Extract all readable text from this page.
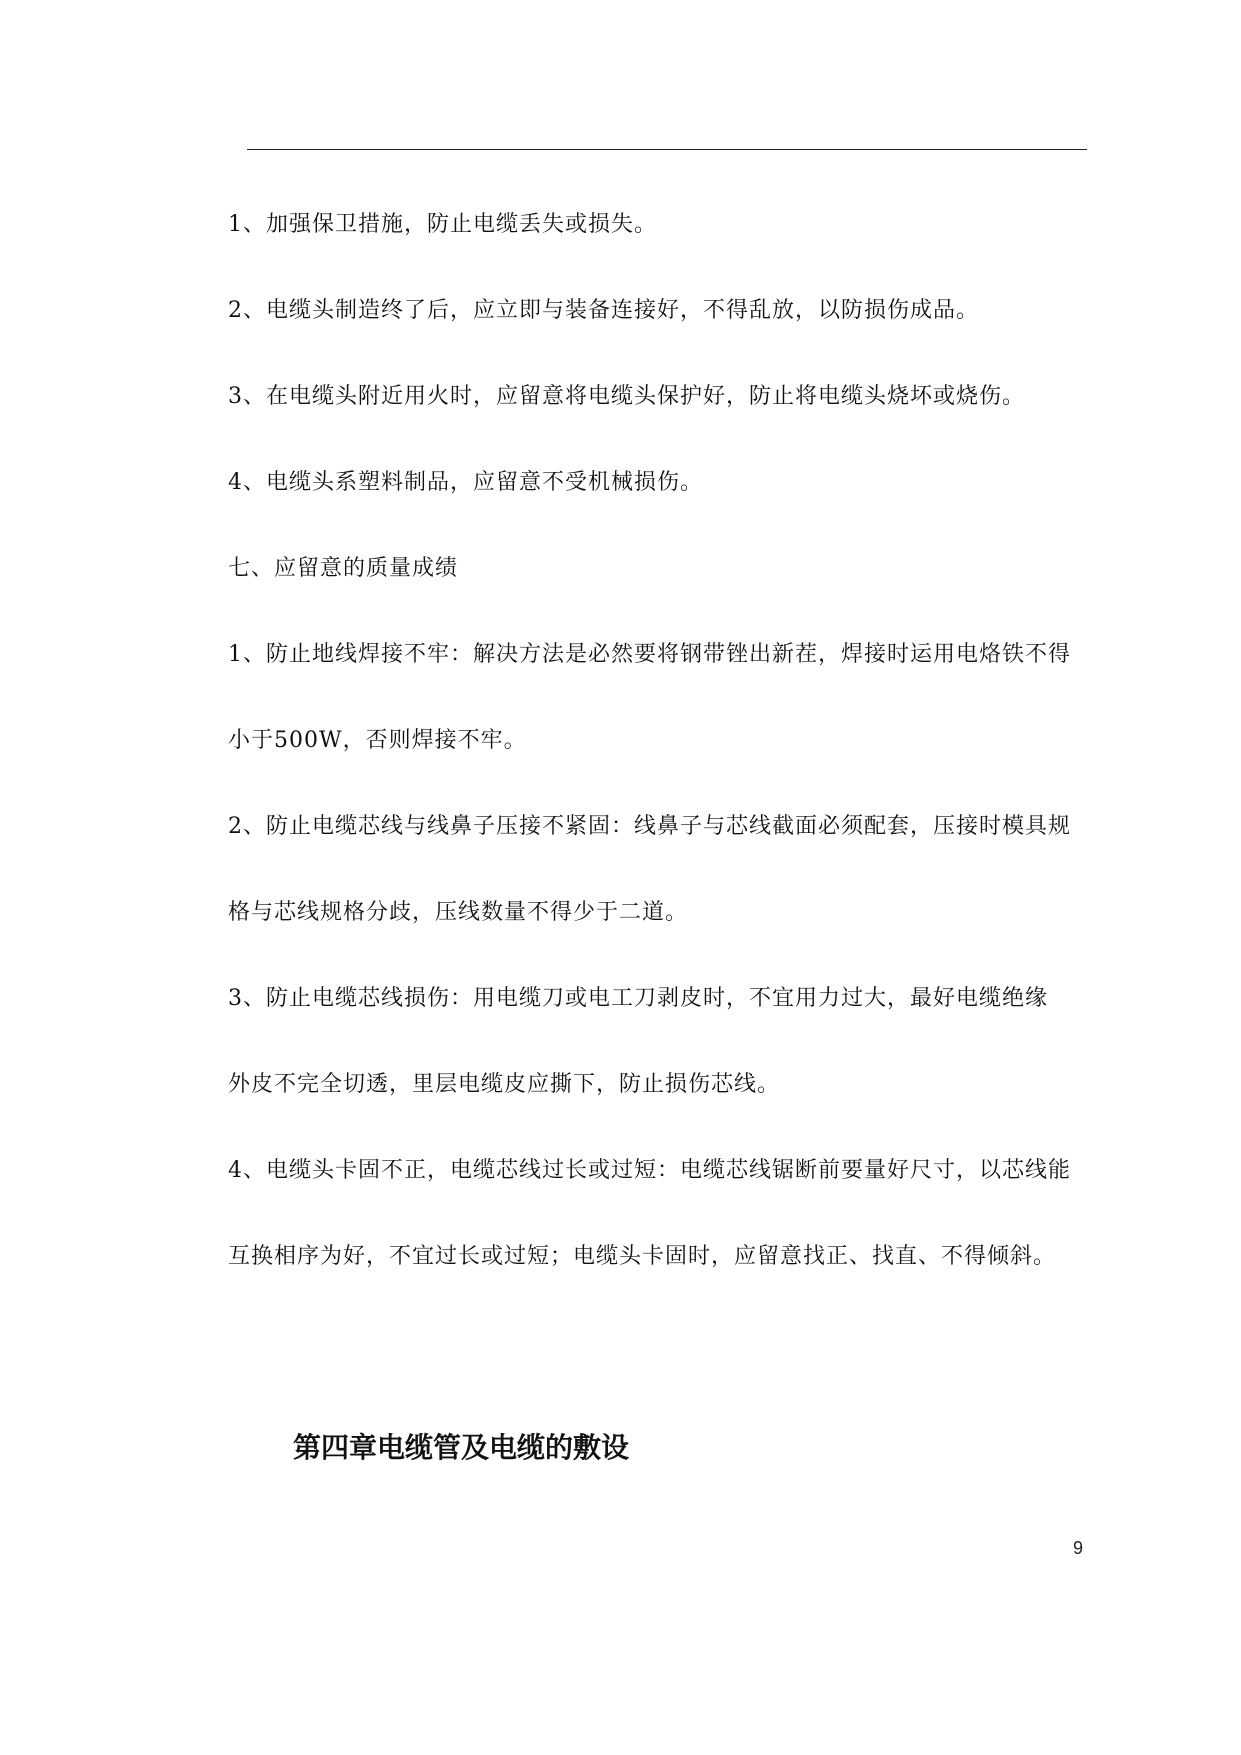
1、加强保卫措施，防止电缆丢失或损失。
2、电缆头制造终了后，应立即与装备连接好，不得乱放，以防损伤成品。
3、在电缆头附近用火时，应留意将电缆头保护好，防止将电缆头烧坏或烧伤。
4、电缆头系塑料制品，应留意不受机械损伤。
七、应留意的质量成绩
1、防止地线焊接不牢：解决方法是必然要将钢带锉出新茬，焊接时运用电烙铁不得
小于500W，否则焊接不牢。
2、防止电缆芯线与线鼻子压接不紧固：线鼻子与芯线截面必须配套，压接时模具规
格与芯线规格分歧，压线数量不得少于二道。
3、防止电缆芯线损伤：用电缆刀或电工刀剥皮时，不宜用力过大，最好电缆绝缘
外皮不完全切透，里层电缆皮应撕下，防止损伤芯线。
4、电缆头卡固不正，电缆芯线过长或过短：电缆芯线锯断前要量好尺寸，以芯线能
互换相序为好，不宜过长或过短；电缆头卡固时，应留意找正、找直、不得倾斜。
第四章电缆管及电缆的敷设
9
